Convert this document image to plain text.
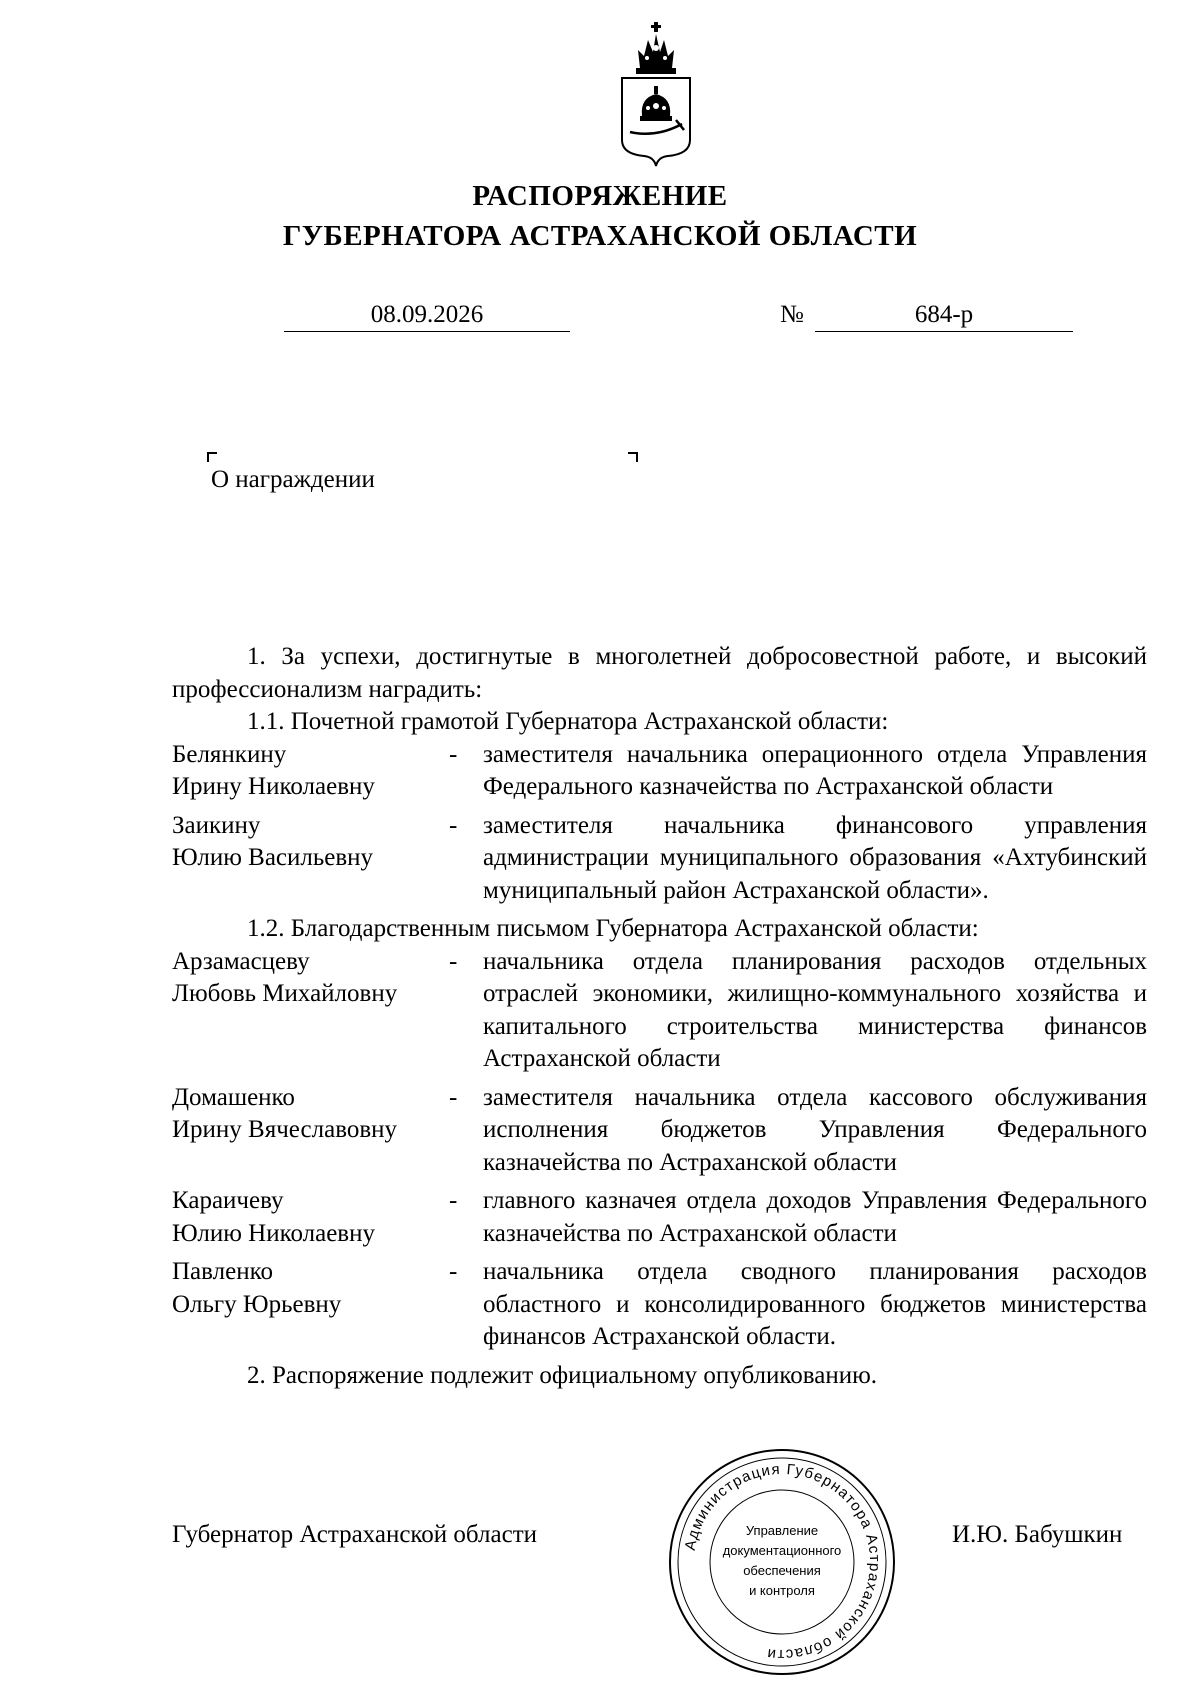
РАСПОРЯЖЕНИЕ
ГУБЕРНАТОРА АСТРАХАНСКОЙ ОБЛАСТИ
08.09.2026	№	684-р
О награждении
1. За успехи, достигнутые в многолетней добросовестной работе, и высокий профессионализм наградить:
1.1. Почетной грамотой Губернатора Астраханской области:
Белянкину
Ирину Николаевну
-	заместителя начальника операционного отдела Управления Федерального казначейства по Астраханской области
Заикину
Юлию Васильевну
-	заместителя начальника финансового управления администрации муниципального образования «Ахтубинский муниципальный район Астраханской области».
1.2. Благодарственным письмом Губернатора Астраханской области:
Арзамасцеву
Любовь Михайловну
-	начальника отдела планирования расходов отдельных отраслей экономики, жилищно-коммунального хозяйства и капитального строительства министерства финансов Астраханской области
Домашенко
Ирину Вячеславовну
-	заместителя начальника отдела кассового обслуживания исполнения бюджетов Управления Федерального казначейства по Астраханской области
Караичеву
Юлию Николаевну
-	главного казначея отдела доходов Управления Федерального казначейства по Астраханской области
Павленко
Ольгу Юрьевну
-	начальника отдела сводного планирования расходов областного и консолидированного бюджетов министерства финансов Астраханской области.
2. Распоряжение подлежит официальному опубликованию.
Губернатор Астраханской области	И.Ю. Бабушкин
Администрация Губернатора Астраханской области
Управление
документационного
обеспечения
и контроля
